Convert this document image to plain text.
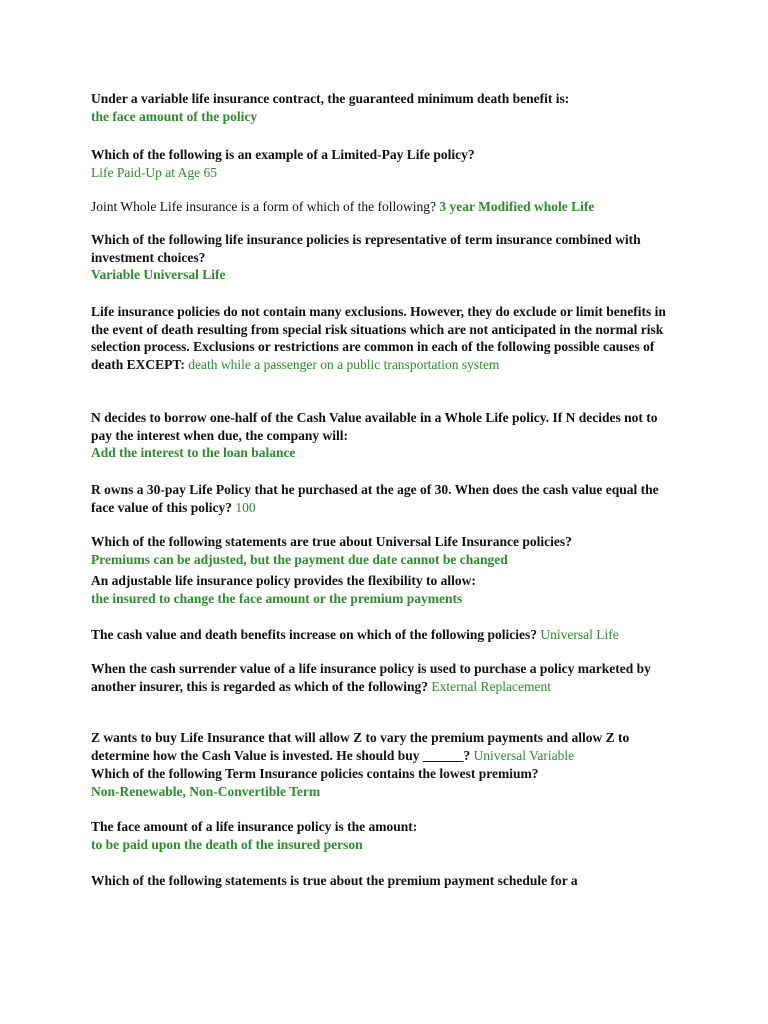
Under a variable life insurance contract, the guaranteed minimum death benefit is:
the face amount of the policy
Which of the following is an example of a Limited-Pay Life policy?
Life Paid-Up at Age 65
Joint Whole Life insurance is a form of which of the following? 3 year Modified whole Life
Which of the following life insurance policies is representative of term insurance combined with investment choices?
Variable Universal Life
Life insurance policies do not contain many exclusions. However, they do exclude or limit benefits in the event of death resulting from special risk situations which are not anticipated in the normal risk selection process. Exclusions or restrictions are common in each of the following possible causes of death EXCEPT: death while a passenger on a public transportation system
N decides to borrow one-half of the Cash Value available in a Whole Life policy. If N decides not to pay the interest when due, the company will:
Add the interest to the loan balance
R owns a 30-pay Life Policy that he purchased at the age of 30. When does the cash value equal the face value of this policy? 100
Which of the following statements are true about Universal Life Insurance policies?
Premiums can be adjusted, but the payment due date cannot be changed
An adjustable life insurance policy provides the flexibility to allow:
the insured to change the face amount or the premium payments
The cash value and death benefits increase on which of the following policies? Universal Life
When the cash surrender value of a life insurance policy is used to purchase a policy marketed by another insurer, this is regarded as which of the following? External Replacement
Z wants to buy Life Insurance that will allow Z to vary the premium payments and allow Z to determine how the Cash Value is invested. He should buy ______? Universal Variable
Which of the following Term Insurance policies contains the lowest premium?
Non-Renewable, Non-Convertible Term
The face amount of a life insurance policy is the amount:
to be paid upon the death of the insured person
Which of the following statements is true about the premium payment schedule for a
